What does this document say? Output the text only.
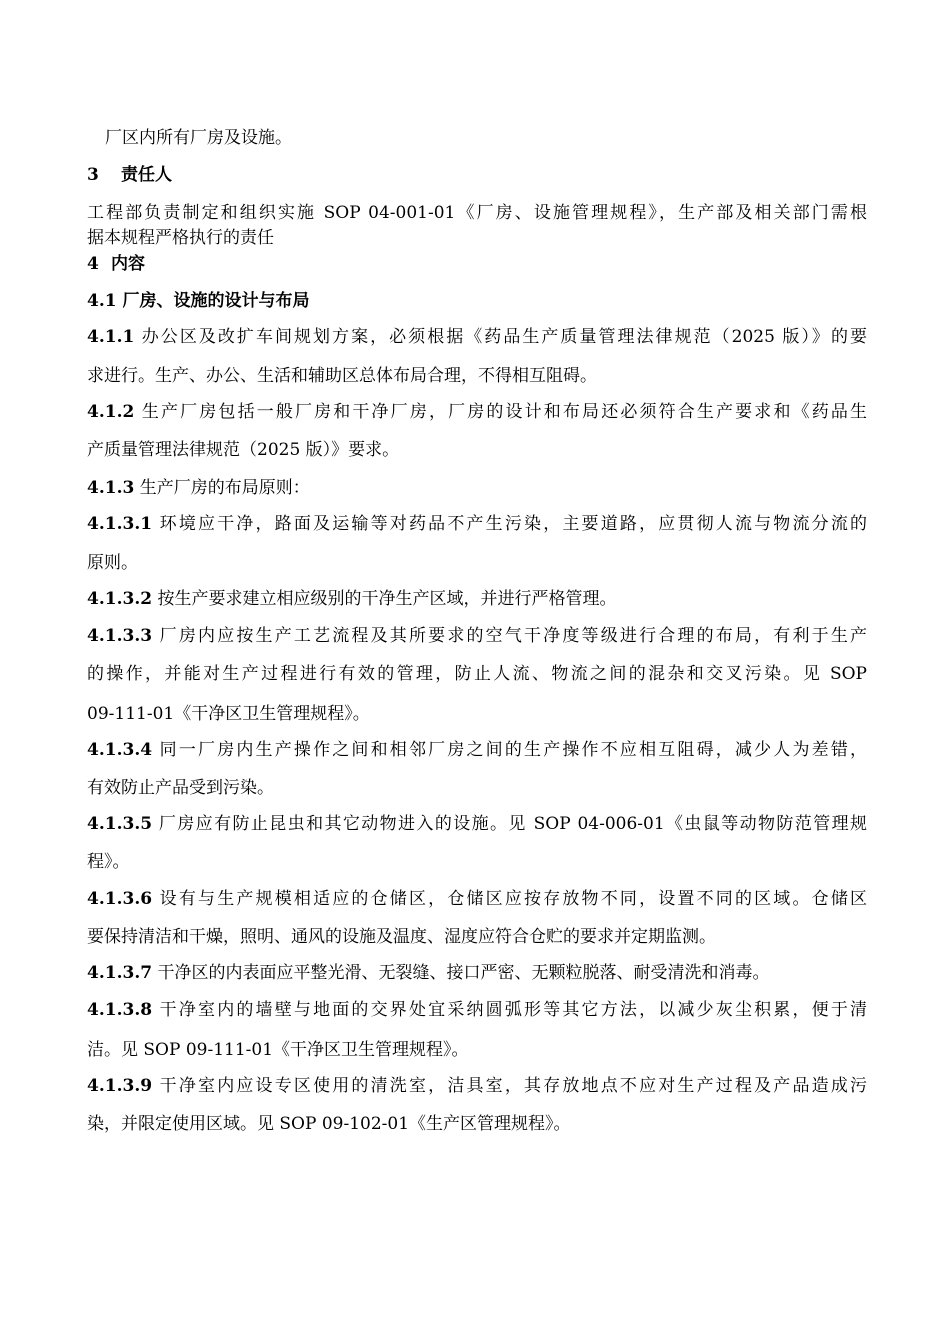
厂区内所有厂房及设施。
3 责任人
工程部负责制定和组织实施 SOP 04-001-01《厂房、设施管理规程》，生产部及相关部门需根
据本规程严格执行的责任
4 内容
4.1 厂房、设施的设计与布局
4.1.1 办公区及改扩车间规划方案，必须根据《药品生产质量管理法律规范（2025 版）》的要
求进行。生产、办公、生活和辅助区总体布局合理，不得相互阻碍。
4.1.2 生产厂房包括一般厂房和干净厂房，厂房的设计和布局还必须符合生产要求和《药品生
产质量管理法律规范（2025 版）》要求。
4.1.3 生产厂房的布局原则：
4.1.3.1 环境应干净，路面及运输等对药品不产生污染，主要道路，应贯彻人流与物流分流的
原则。
4.1.3.2 按生产要求建立相应级别的干净生产区域，并进行严格管理。
4.1.3.3 厂房内应按生产工艺流程及其所要求的空气干净度等级进行合理的布局，有利于生产
的操作，并能对生产过程进行有效的管理，防止人流、物流之间的混杂和交叉污染。见 SOP
09-111-01《干净区卫生管理规程》。
4.1.3.4 同一厂房内生产操作之间和相邻厂房之间的生产操作不应相互阻碍，减少人为差错，
有效防止产品受到污染。
4.1.3.5 厂房应有防止昆虫和其它动物进入的设施。见 SOP 04-006-01《虫鼠等动物防范管理规
程》。
4.1.3.6 设有与生产规模相适应的仓储区，仓储区应按存放物不同，设置不同的区域。仓储区
要保持清洁和干燥，照明、通风的设施及温度、湿度应符合仓贮的要求并定期监测。
4.1.3.7 干净区的内表面应平整光滑、无裂缝、接口严密、无颗粒脱落、耐受清洗和消毒。
4.1.3.8 干净室内的墙壁与地面的交界处宜采纳圆弧形等其它方法，以减少灰尘积累，便于清
洁。见 SOP 09-111-01《干净区卫生管理规程》。
4.1.3.9 干净室内应设专区使用的清洗室，洁具室，其存放地点不应对生产过程及产品造成污
染，并限定使用区域。见 SOP 09-102-01《生产区管理规程》。
